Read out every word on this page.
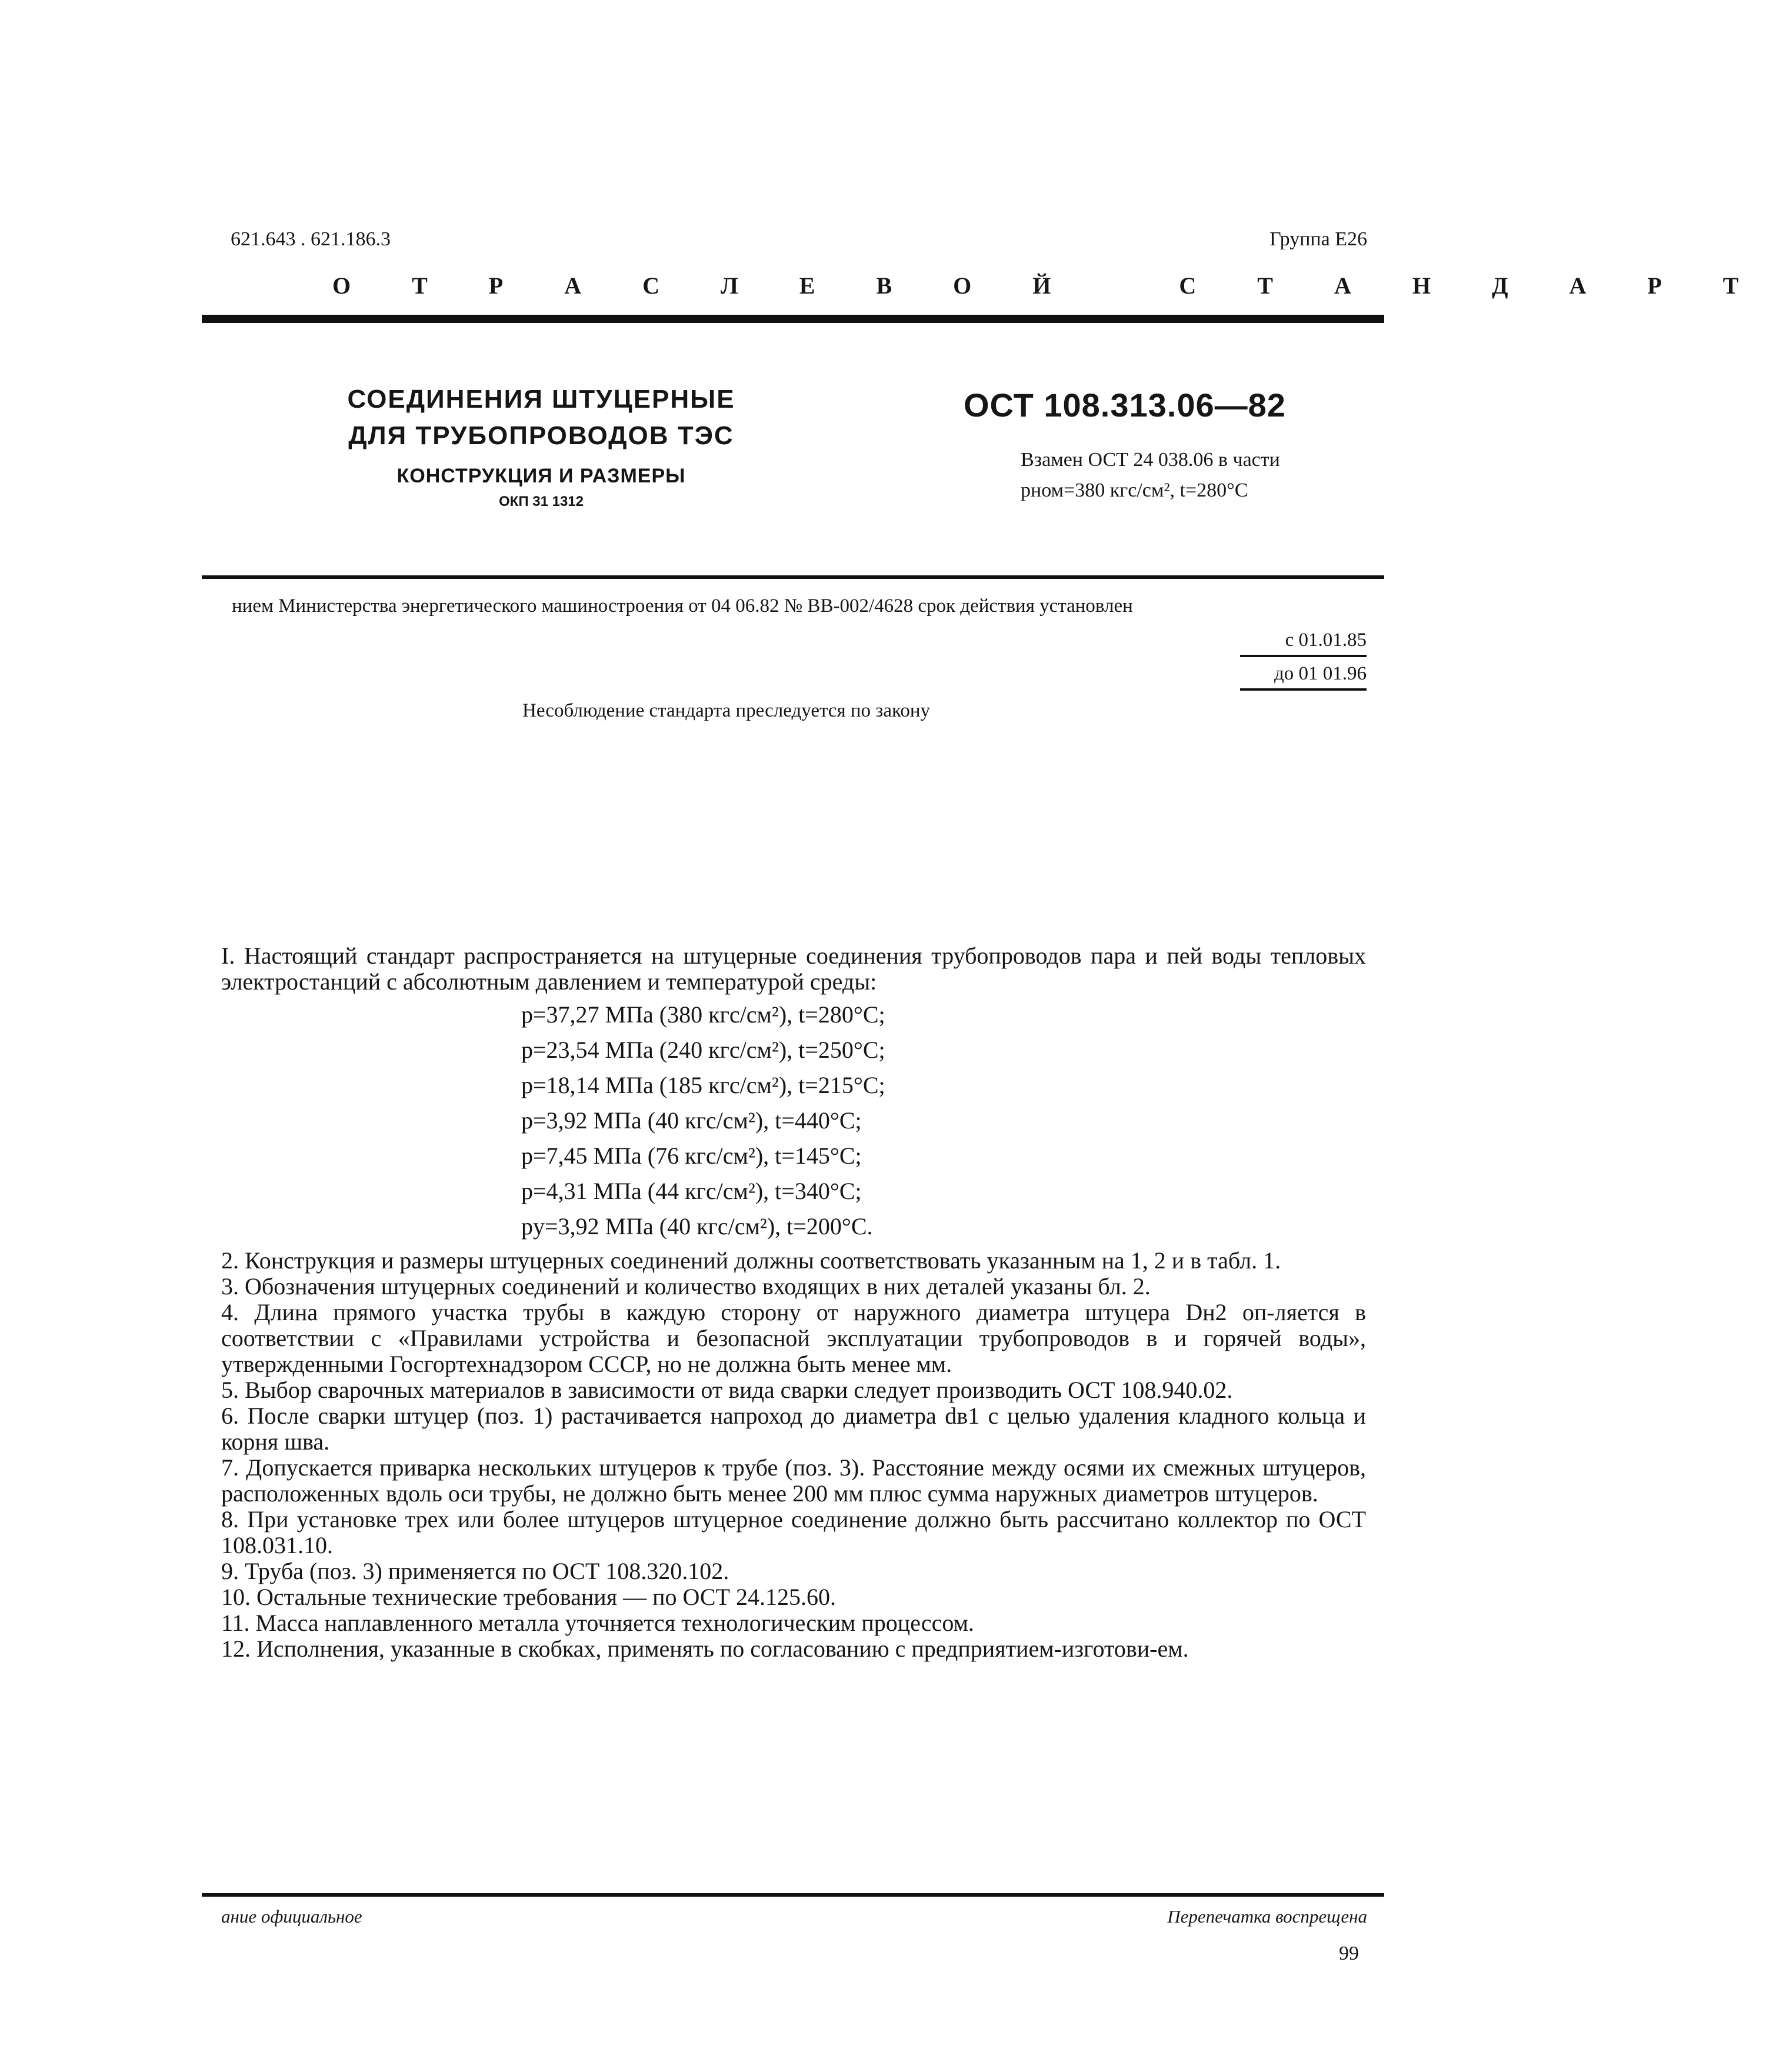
621.643 . 621.186.3	Группа Е26
О Т Р А С Л Е В О Й   С Т А Н Д А Р Т
СОЕДИНЕНИЯ ШТУЦЕРНЫЕ
ДЛЯ ТРУБОПРОВОДОВ ТЭС
КОНСТРУКЦИЯ И РАЗМЕРЫ
ОКП 31 1312
ОСТ 108.313.06—82
Взамен ОСТ 24 038.06 в части
pном=380 кгс/см², t=280°С
нием Министерства энергетического машиностроения от 04 06.82 № ВВ-002/4628 срок действия установлен
с 01.01.85
до 01 01.96
Несоблюдение стандарта преследуется по закону

I. Настоящий стандарт распространяется на штуцерные соединения трубопроводов пара и пей воды тепловых электростанций с абсолютным давлением и температурой среды:

p=37,27 МПа (380 кгс/см²), t=280°С;
p=23,54 МПа (240 кгс/см²), t=250°С;
p=18,14 МПа (185 кгс/см²), t=215°С;
p=3,92 МПа (40 кгс/см²), t=440°С;
p=7,45 МПа (76 кгс/см²), t=145°С;
p=4,31 МПа (44 кгс/см²), t=340°С;
pу=3,92 МПа (40 кгс/см²), t=200°С.

2. Конструкция и размеры штуцерных соединений должны соответствовать указанным на 1, 2 и в табл. 1.

3. Обозначения штуцерных соединений и количество входящих в них деталей указаны бл. 2.

4. Длина прямого участка трубы в каждую сторону от наружного диаметра штуцера Dн2 оп-ляется в соответствии с «Правилами устройства и безопасной эксплуатации трубопроводов в и горячей воды», утвержденными Госгортехнадзором СССР, но не должна быть менее мм.

5. Выбор сварочных материалов в зависимости от вида сварки следует производить ОСТ 108.940.02.

6. После сварки штуцер (поз. 1) растачивается напроход до диаметра dв1 с целью удаления кладного кольца и корня шва.

7. Допускается приварка нескольких штуцеров к трубе (поз. 3). Расстояние между осями их смежных штуцеров, расположенных вдоль оси трубы, не должно быть менее 200 мм плюс сумма наружных диаметров штуцеров.

8. При установке трех или более штуцеров штуцерное соединение должно быть рассчитано коллектор по ОСТ 108.031.10.

9. Труба (поз. 3) применяется по ОСТ 108.320.102.

10. Остальные технические требования — по ОСТ 24.125.60.

11. Масса наплавленного металла уточняется технологическим процессом.

12. Исполнения, указанные в скобках, применять по согласованию с предприятием-изготови-ем.

ание официальное	Перепечатка воспрещена
99
